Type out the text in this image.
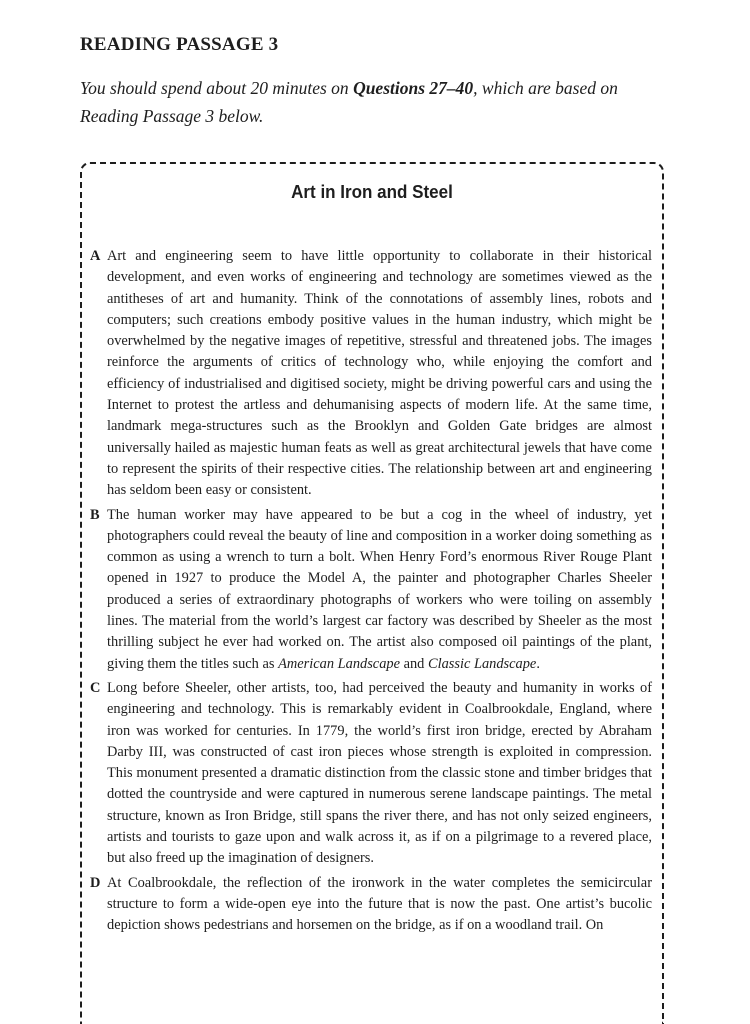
READING PASSAGE 3

You should spend about 20 minutes on Questions 27–40, which are based on Reading Passage 3 below.

Art in Iron and Steel

A Art and engineering seem to have little opportunity to collaborate in their historical development, and even works of engineering and technology are sometimes viewed as the antitheses of art and humanity. Think of the connotations of assembly lines, robots and computers; such creations embody positive values in the human industry, which might be overwhelmed by the negative images of repetitive, stressful and threatened jobs. The images reinforce the arguments of critics of technology who, while enjoying the comfort and efficiency of industrialised and digitised society, might be driving powerful cars and using the Internet to protest the artless and dehumanising aspects of modern life. At the same time, landmark mega-structures such as the Brooklyn and Golden Gate bridges are almost universally hailed as majestic human feats as well as great architectural jewels that have come to represent the spirits of their respective cities. The relationship between art and engineering has seldom been easy or consistent.

B The human worker may have appeared to be but a cog in the wheel of industry, yet photographers could reveal the beauty of line and composition in a worker doing something as common as using a wrench to turn a bolt. When Henry Ford’s enormous River Rouge Plant opened in 1927 to produce the Model A, the painter and photographer Charles Sheeler produced a series of extraordinary photographs of workers who were toiling on assembly lines. The material from the world’s largest car factory was described by Sheeler as the most thrilling subject he ever had worked on. The artist also composed oil paintings of the plant, giving them the titles such as American Landscape and Classic Landscape.

C Long before Sheeler, other artists, too, had perceived the beauty and humanity in works of engineering and technology. This is remarkably evident in Coalbrookdale, England, where iron was worked for centuries. In 1779, the world’s first iron bridge, erected by Abraham Darby III, was constructed of cast iron pieces whose strength is exploited in compression. This monument presented a dramatic distinction from the classic stone and timber bridges that dotted the countryside and were captured in numerous serene landscape paintings. The metal structure, known as Iron Bridge, still spans the river there, and has not only seized engineers, artists and tourists to gaze upon and walk across it, as if on a pilgrimage to a revered place, but also freed up the imagination of designers.

D At Coalbrookdale, the reflection of the ironwork in the water completes the semicircular structure to form a wide-open eye into the future that is now the past. One artist’s bucolic depiction shows pedestrians and horsemen on the bridge, as if on a woodland trail. On
